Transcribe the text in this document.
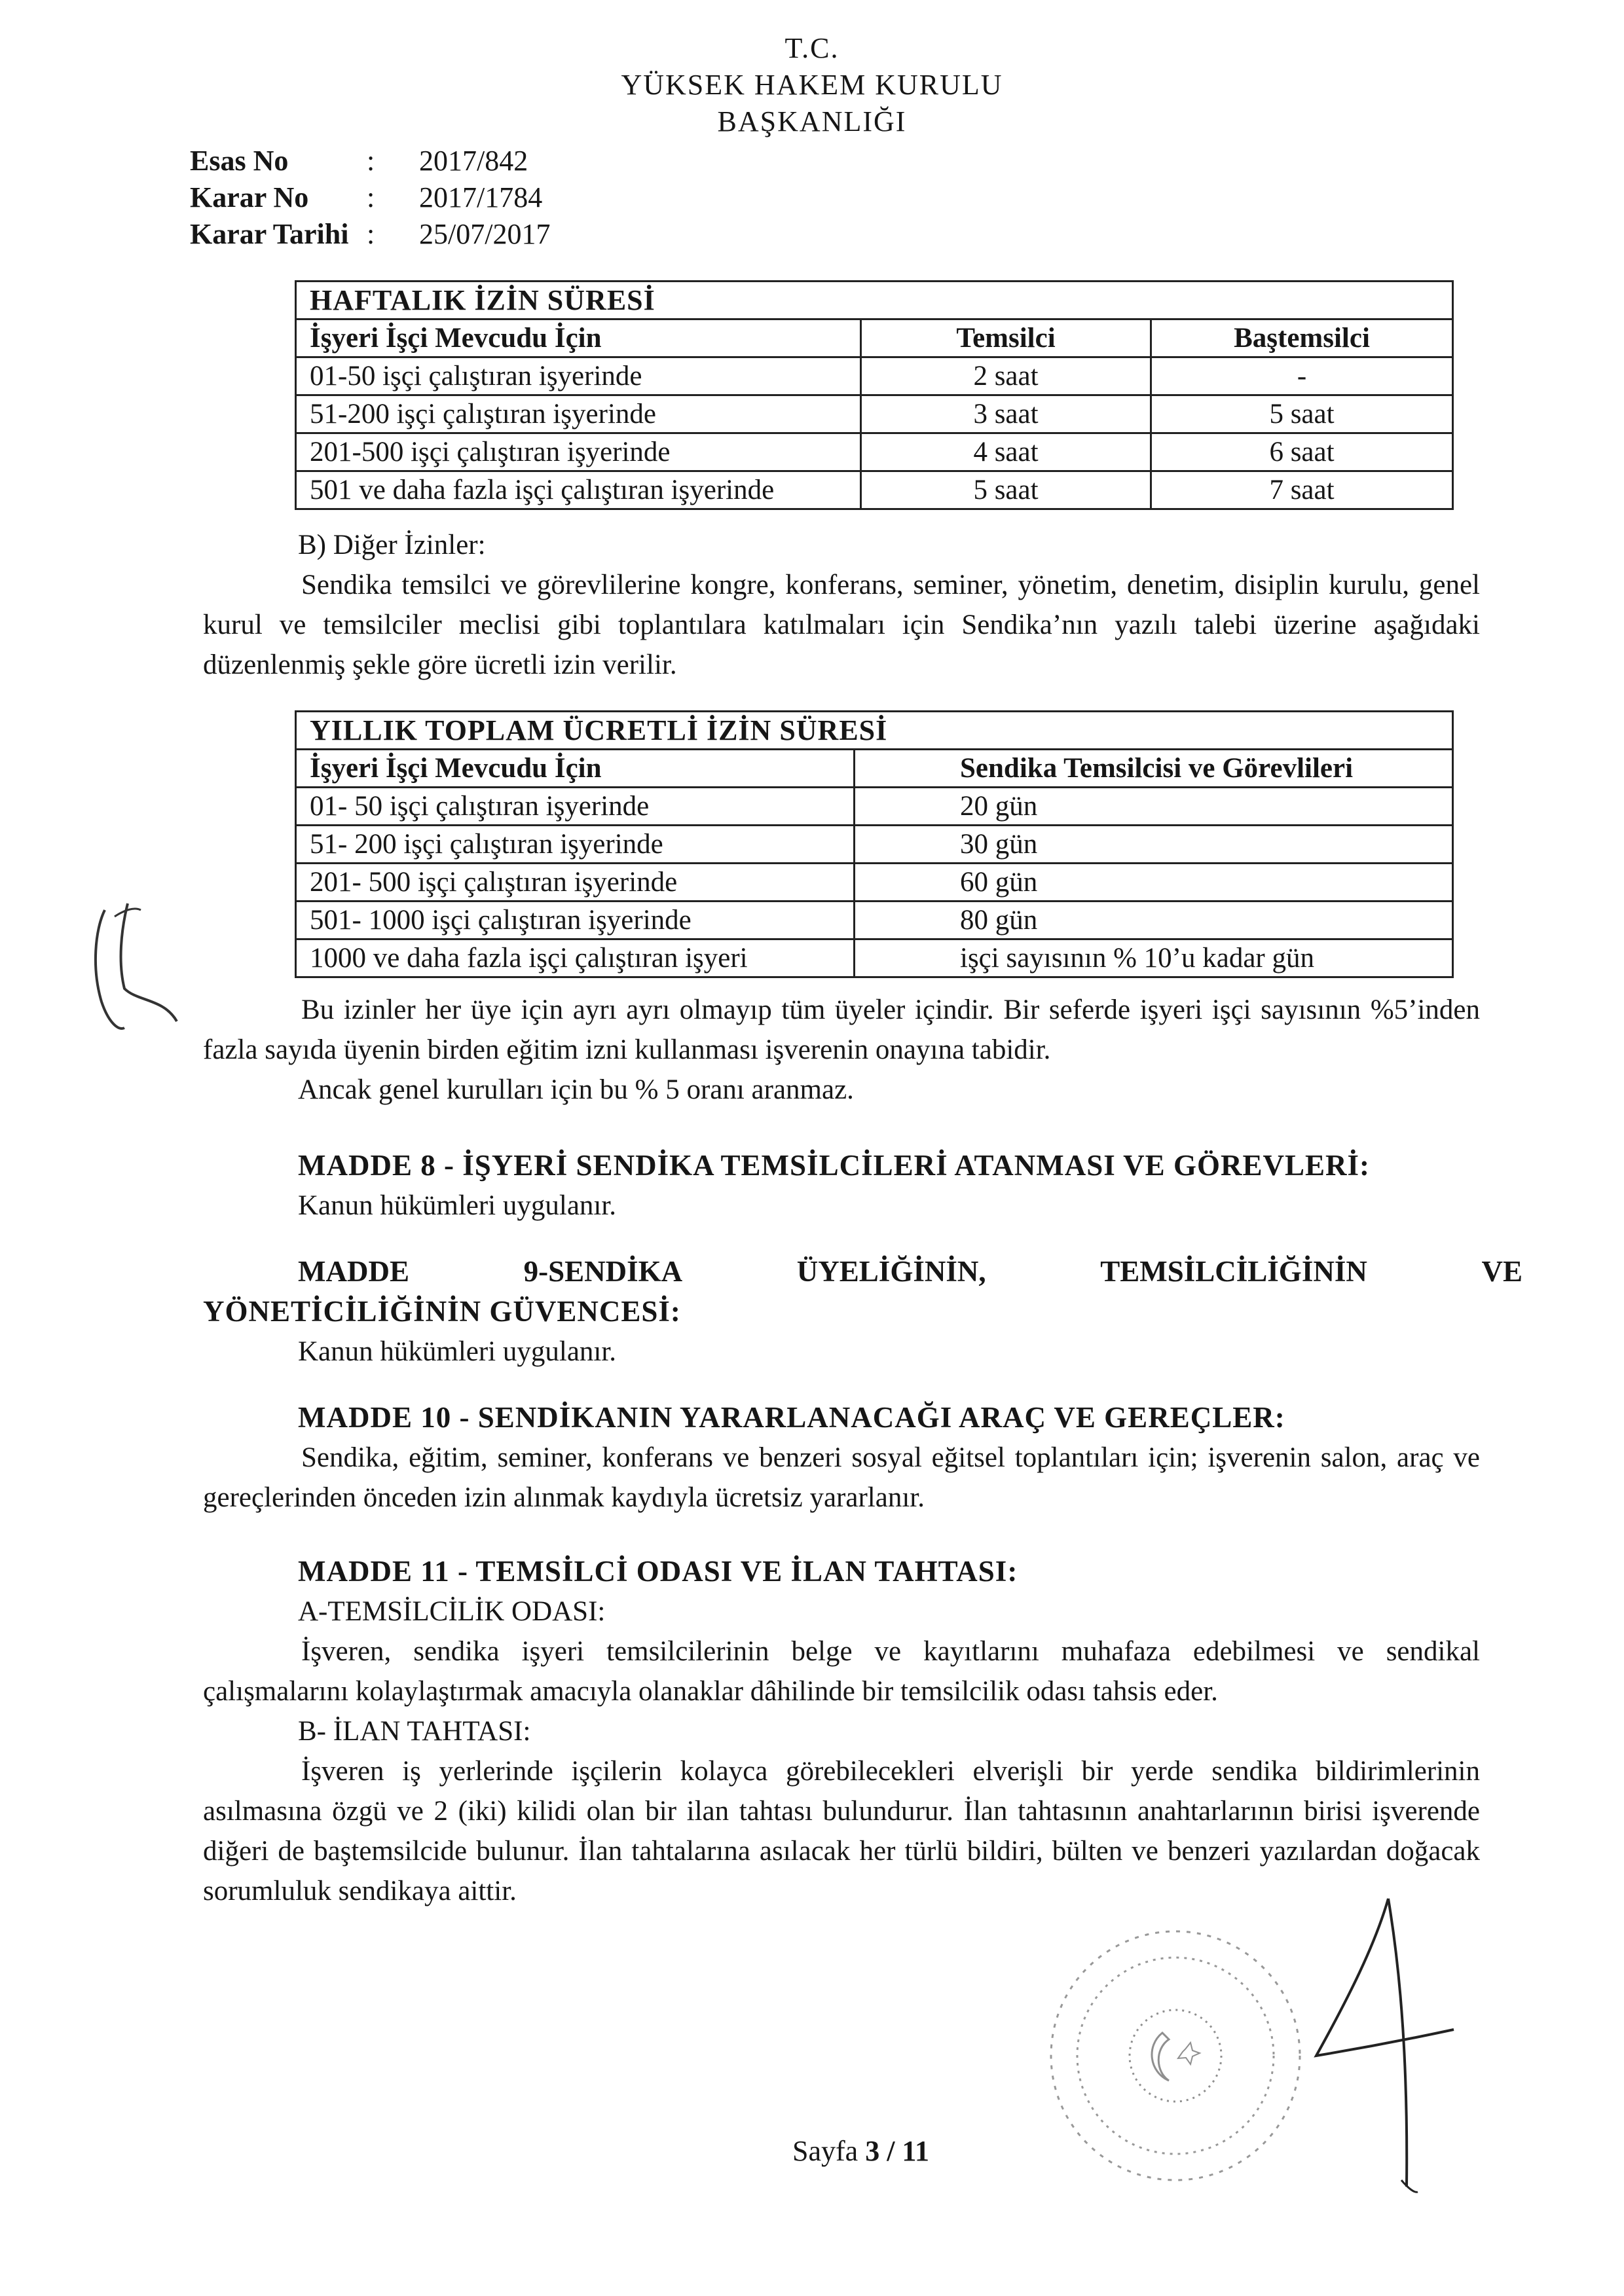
T.C.
YÜKSEK HAKEM KURULU
BAŞKANLIĞI
Esas No	: 2017/842
Karar No : 2017/1784
Karar Tarihi : 25/07/2017
HAFTALIK İZİN SÜRESİ		
İşyeri İşçi Mevcudu İçin	Temsilci	Baştemsilci
01-50 işçi çalıştıran işyerinde	2 saat	-
51-200 işçi çalıştıran işyerinde	3 saat	5 saat
201-500 işçi çalıştıran işyerinde	4 saat	6 saat
501 ve daha fazla işçi çalıştıran işyerinde	5 saat	7 saat
B) Diğer İzinler:
Sendika temsilci ve görevlilerine kongre, konferans, seminer, yönetim, denetim, disiplin kurulu, genel kurul ve temsilciler meclisi gibi toplantılara katılmaları için Sendika’nın yazılı talebi üzerine aşağıdaki düzenlenmiş şekle göre ücretli izin verilir.
YILLIK TOPLAM ÜCRETLİ İZİN SÜRESİ	
İşyeri İşçi Mevcudu İçin	Sendika Temsilcisi ve Görevlileri
01- 50 işçi çalıştıran işyerinde	20 gün
51- 200 işçi çalıştıran işyerinde	30 gün
201- 500 işçi çalıştıran işyerinde	60 gün
501- 1000 işçi çalıştıran işyerinde	80 gün
1000 ve daha fazla işçi çalıştıran işyeri	işçi sayısının % 10’u kadar gün
Bu izinler her üye için ayrı ayrı olmayıp tüm üyeler içindir. Bir seferde işyeri işçi sayısının %5’inden fazla sayıda üyenin birden eğitim izni kullanması işverenin onayına tabidir.
Ancak genel kurulları için bu % 5 oranı aranmaz.
MADDE 8 - İŞYERİ SENDİKA TEMSİLCİLERİ ATANMASI VE GÖREVLERİ:
Kanun hükümleri uygulanır.
MADDE	9-SENDİKA	ÜYELİĞİNİN,	TEMSİLCİLİĞİNİN	VE
YÖNETİCİLİĞİNİN GÜVENCESİ:
Kanun hükümleri uygulanır.
MADDE 10 - SENDİKANIN YARARLANACAĞI ARAÇ VE GEREÇLER:
Sendika, eğitim, seminer, konferans ve benzeri sosyal eğitsel toplantıları için; işverenin salon, araç ve gereçlerinden önceden izin alınmak kaydıyla ücretsiz yararlanır.
MADDE 11 - TEMSİLCİ ODASI VE İLAN TAHTASI:
A-TEMSİLCİLİK ODASI:
İşveren, sendika işyeri temsilcilerinin belge ve kayıtlarını muhafaza edebilmesi ve sendikal çalışmalarını kolaylaştırmak amacıyla olanaklar dâhilinde bir temsilcilik odası tahsis eder.
B- İLAN TAHTASI:
İşveren iş yerlerinde işçilerin kolayca görebilecekleri elverişli bir yerde sendika bildirimlerinin asılmasına özgü ve 2 (iki) kilidi olan bir ilan tahtası bulundurur. İlan tahtasının anahtarlarının birisi işverende diğeri de baştemsilcide bulunur. İlan tahtalarına asılacak her türlü bildiri, bülten ve benzeri yazılardan doğacak sorumluluk sendikaya aittir.
Sayfa 3 / 11
